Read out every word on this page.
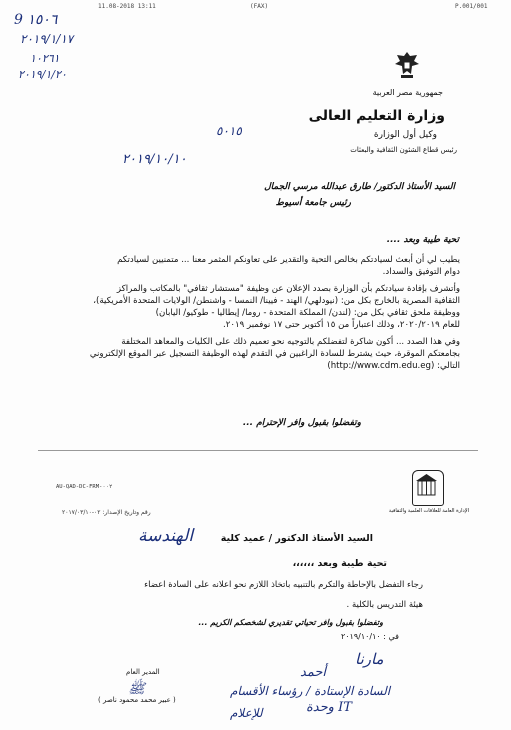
11.08-2018 13:11	(FAX)	P.001/001
9 ١٥٠٦
٢٠١٩/١/١٧
١٠٢٦١
٢٠١٩/١/٢٠
جمهورية مصر العربية
وزارة التعليم العالى
وكيل أول الوزارة
رئيس قطاع الشئون الثقافية والبعثات
٥٠١٥
٢٠١٩/١٠/١٠
السيد الأستاذ الدكتور/ طارق عبدالله مرسي الجمال
رئيس جامعة أسيوط
تحية طيبة وبعد ....
يطيب لي أن أبعث لسيادتكم بخالص التحية والتقدير على تعاونكم المثمر معنا ... متمنيين لسيادتكم
دوام التوفيق والسداد.
وأتشرف بإفادة سيادتكم بأن الوزارة بصدد الإعلان عن وظيفة "مستشار ثقافي" بالمكاتب والمراكز
الثقافية المصرية بالخارج بكل من: (نيودلهي/ الهند - فيينا/ النمسا - واشنطن/ الولايات المتحدة الأمريكية)،
ووظيفة ملحق ثقافي بكل من: (لندن/ المملكة المتحدة - روما/ إيطاليا - طوكيو/ اليابان)
للعام ٢٠٢٠/٢٠١٩، وذلك اعتباراً من ١٥ أكتوبر حتى ١٧ نوفمبر ٢٠١٩.
وفي هذا الصدد ... أكون شاكرة لتفضلكم بالتوجيه نحو تعميم ذلك على الكليات والمعاهد المختلفة
بجامعتكم الموقرة، حيث يشترط للسادة الراغبين في التقدم لهذه الوظيفة التسجيل عبر الموقع الإلكتروني
التالي: (http://www.cdm.edu.eg)
وتفضلوا بقبول وافر الإحترام ...
AU-QAD-DC-FRM-٠٠٢
رقم وتاريخ الإصدار: ٠٢-٢٠١٧/٠٣/١٠	الإدارة العامة للعلاقات العلمية والثقافية
السيد الأستاذ الدكتور / عميد كلية
الهندسة
تحية طيبة وبعد ،،،،،،
رجاء التفضل بالإحاطة والتكرم بالتنبيه باتخاذ اللازم نحو اعلانه على السادة اعضاء
هيئة التدريس بالكلية .
وتفضلوا بقبول وافر تحياتي تقديري لشخصكم الكريم ...
في : ٢٠١٩/١٠/١٠
المدير العام
ﷺ
( عبير محمد محمود ناصر )
مارنا
أحمد
السادة الإستادة / رؤساء الأقسام
وحدة IT
للإعلام
